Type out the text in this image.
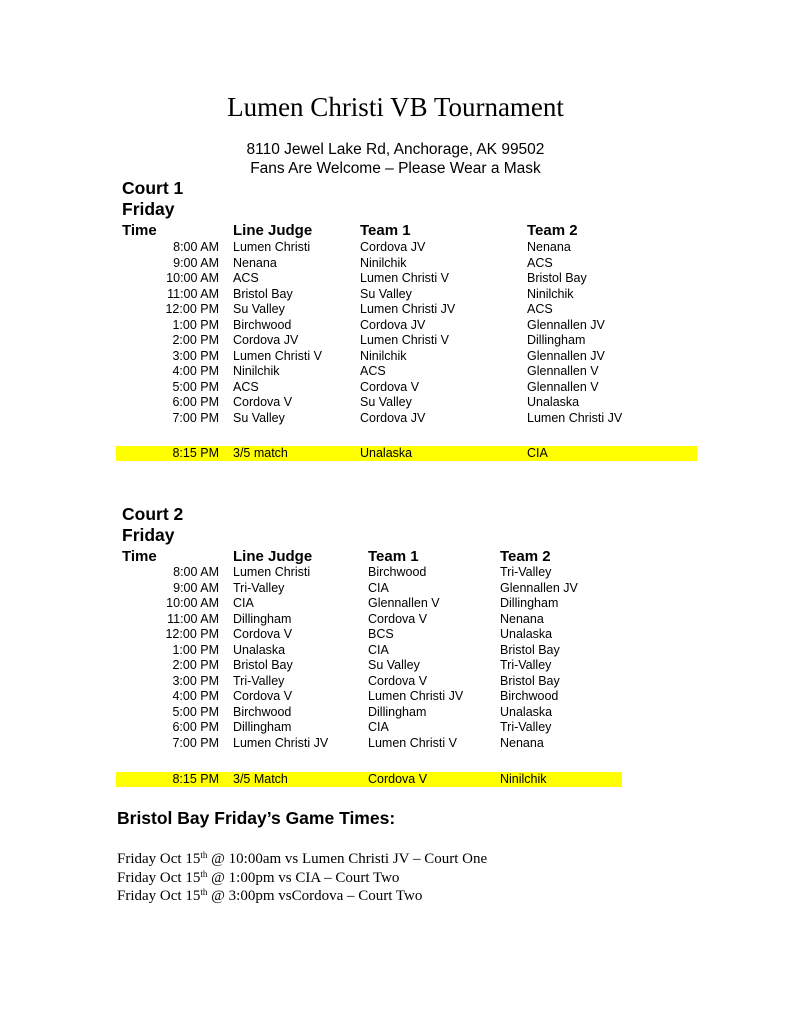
Lumen Christi VB Tournament
8110 Jewel Lake Rd, Anchorage, AK 99502
Fans Are Welcome – Please Wear a Mask
Court 1
Friday
Time	Line Judge	Team 1	Team 2
8:00 AM Lumen Christi	Cordova JV	Nenana
9:00 AM Nenana	Ninilchik	ACS
10:00 AM ACS	Lumen Christi V	Bristol Bay
11:00 AM Bristol Bay	Su Valley	Ninilchik
12:00 PM Su Valley	Lumen Christi JV	ACS
1:00 PM Birchwood	Cordova JV	Glennallen JV
2:00 PM Cordova JV	Lumen Christi V	Dillingham
3:00 PM Lumen Christi V	Ninilchik	Glennallen JV
4:00 PM Ninilchik	ACS	Glennallen V
5:00 PM ACS	Cordova V	Glennallen V
6:00 PM Cordova V	Su Valley	Unalaska
7:00 PM Su Valley	Cordova JV	Lumen Christi JV
8:15 PM 3/5 match	Unalaska	CIA
Court 2
Friday
Time	Line Judge	Team 1	Team 2
8:00 AM Lumen Christi	Birchwood	Tri-Valley
9:00 AM Tri-Valley	CIA	Glennallen JV
10:00 AM CIA	Glennallen V	Dillingham
11:00 AM Dillingham	Cordova V	Nenana
12:00 PM Cordova V	BCS	Unalaska
1:00 PM Unalaska	CIA	Bristol Bay
2:00 PM Bristol Bay	Su Valley	Tri-Valley
3:00 PM Tri-Valley	Cordova V	Bristol Bay
4:00 PM Cordova V	Lumen Christi JV	Birchwood
5:00 PM Birchwood	Dillingham	Unalaska
6:00 PM Dillingham	CIA	Tri-Valley
7:00 PM Lumen Christi JV	Lumen Christi V	Nenana
8:15 PM 3/5 Match	Cordova V	Ninilchik
Bristol Bay Friday’s Game Times:
Friday Oct 15th @ 10:00am vs Lumen Christi JV – Court One
Friday Oct 15th @ 1:00pm vs CIA – Court Two
Friday Oct 15th @ 3:00pm vsCordova – Court Two
